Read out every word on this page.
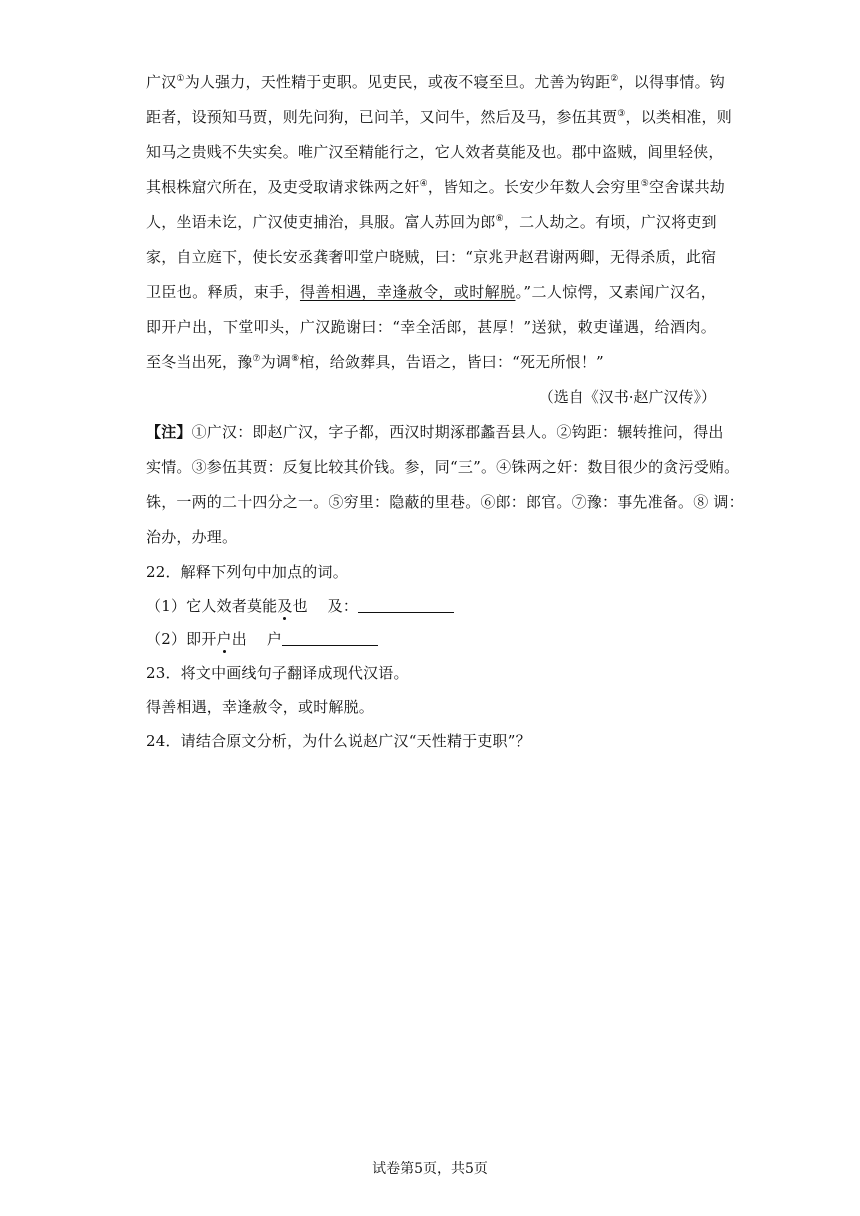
广汉①为人强力，天性精于吏职。见吏民，或夜不寝至旦。尤善为钩距②，以得事情。钩
距者，设预知马贾，则先问狗，已问羊，又问牛，然后及马，参伍其贾③，以类相准，则
知马之贵贱不失实矣。唯广汉至精能行之，它人效者莫能及也。郡中盗贼，闾里轻侠，
其根株窟穴所在，及吏受取请求铢两之奸④，皆知之。长安少年数人会穷里⑤空舍谋共劫
人，坐语未讫，广汉使吏捕治，具服。富人苏回为郎⑥，二人劫之。有顷，广汉将吏到
家，自立庭下，使长安丞龚奢叩堂户晓贼，曰：“京兆尹赵君谢两卿，无得杀质，此宿
卫臣也。释质，束手，得善相遇，幸逢赦令，或时解脱。”二人惊愕，又素闻广汉名，
即开户出，下堂叩头，广汉跪谢曰：“幸全活郎，甚厚！”送狱，敕吏谨遇，给酒肉。
至冬当出死，豫⑦为调⑧棺，给敛葬具，告语之，皆曰：“死无所恨！”
（选自《汉书·赵广汉传》）
【注】①广汉：即赵广汉，字子都，西汉时期涿郡蠡吾县人。②钩距：辗转推问，得出
实情。③参伍其贾：反复比较其价钱。参，同“三”。④铢两之奸：数目很少的贪污受贿。
铢，一两的二十四分之一。⑤穷里：隐蔽的里巷。⑥郎：郎官。⑦豫：事先准备。⑧ 调：
治办，办理。
22．解释下列句中加点的词。
（1）它人效者莫能及也 及：
（2）即开户出 户
23．将文中画线句子翻译成现代汉语。
得善相遇，幸逢赦令，或时解脱。
24．请结合原文分析，为什么说赵广汉“天性精于吏职”？
试卷第5页，共5页
